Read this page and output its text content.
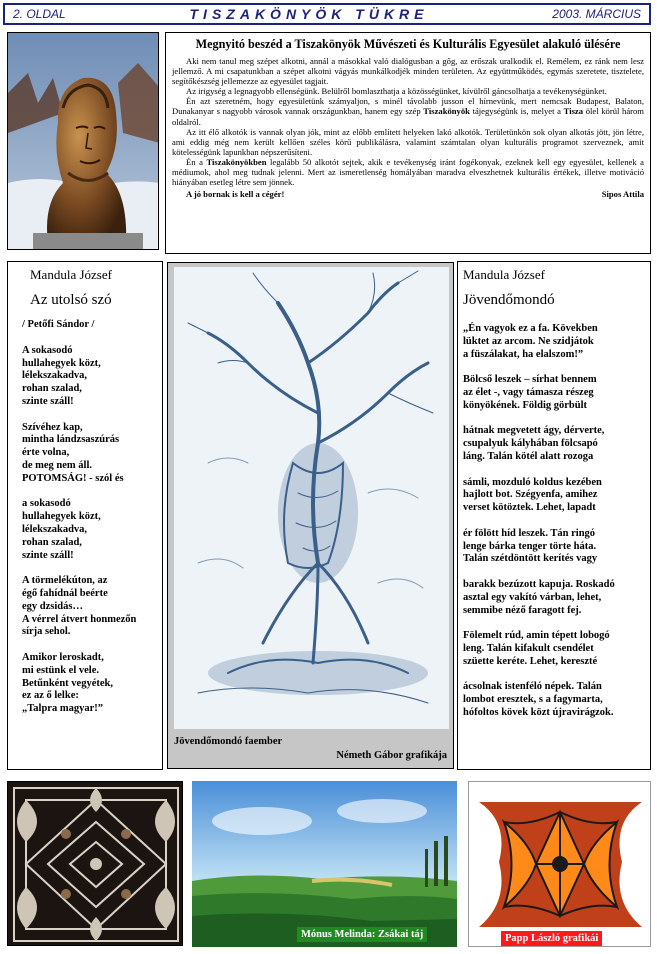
2. OLDAL	TISZAKÖNYÖK TÜKRE	2003. MÁRCIUS
Megnyitó beszéd a Tiszakönyök Művészeti és Kulturális Egyesület alakuló ülésére

Aki nem tanul meg szépet alkotni, annál a másokkal való dialógusban a gőg, az erőszak uralkodik el. Remélem, ez ránk nem lesz jellemző. A mi csapatunkban a szépet alkotni vágyás munkálkodjék minden területen. Az együttműködés, egymás szeretete, tisztelete, segítőkészség jellemezze az egyesület tagjait.

Az irigység a legnagyobb ellenségünk. Belülről bomlaszthatja a közösségünket, kívülről gáncsolhatja a tevékenységünket.

Én azt szeretném, hogy egyesületünk számyaljon, s minél távolabb jusson el hírnevünk, mert nemcsak Budapest, Balaton, Dunakanyar s nagyobb városok vannak országunkban, hanem egy szép Tiszakönyök tájegységünk is, melyet a Tisza ölel körül három oldalról.

Az itt élő alkotók is vannak olyan jók, mint az előbb említett helyeken lakó alkotók. Területünkön sok olyan alkotás jött, jön létre, ami eddig még nem került kellően széles körű publikálásra, valamint számtalan olyan kulturális programot szerveznek, amit kötelességünk lapunkban népszerűsíteni.

Én a Tiszakönyökben legalább 50 alkotót sejtek, akik e tevékenység iránt fogékonyak, ezeknek kell egy egyesület, kellenek a médiumok, ahol meg tudnak jelenni. Mert az ismeretlenség homályában maradva elveszhetnek kulturális értékek, illetve motiváció hiányában esetleg létre sem jönnek.

A jó bornak is kell a cégér!	Sipos Attila
Mandula József
Az utolsó szó
/ Petőfi Sándor /
A sokasodó
hullahegyek közt,
lélekszakadva,
rohan szalad,
szinte száll!
Szívéhez kap,
mintha lándzsaszúrás
érte volna,
de meg nem áll.
POTOMSÁG! - szól és
a sokasodó
hullahegyek közt,
lélekszakadva,
rohan szalad,
szinte száll!
A törmelékúton, az
égő fahídnál beérte
egy dzsidás…
A vérrel átvert honmezőn
sírja sehol.
Amikor leroskadt,
mi estünk el vele.
Betűnként vegyétek,
ez az ő lelke:
„Talpra magyar!”
Jövendőmondó faember
Németh Gábor grafikája
Mandula József
Jövendőmondó
„Én vagyok ez a fa. Kövekben
lüktet az arcom. Ne szidjátok
a füszálakat, ha elalszom!”
Bölcső leszek – sírhat bennem
az élet -, vagy támasza részeg
könyökének. Földig görbült
hátnak megvetett ágy, dérverte,
csupalyuk kályhában fölcsapó
láng. Talán kötél alatt rozoga
sámli, mozduló koldus kezében
hajlott bot. Szégyenfa, amihez
verset kötöztek. Lehet, lapadt
ér fölött híd leszek. Tán ringó
lenge bárka tenger törte háta.
Talán szétdöntött kerítés vagy
barakk bezúzott kapuja. Roskadó
asztal egy vakító várban, lehet,
semmibe néző faragott fej.
Fölemelt rúd, amin tépett lobogó
leng. Talán kifakult csendélet
szüette keréte. Lehet, kereszté
ácsolnak istenféló népek. Talán
lombot eresztek, s a fagymarta,
hófoltos kövek közt újravirágzok.
Mónus Melinda: Zsákai táj	Papp László grafikái
